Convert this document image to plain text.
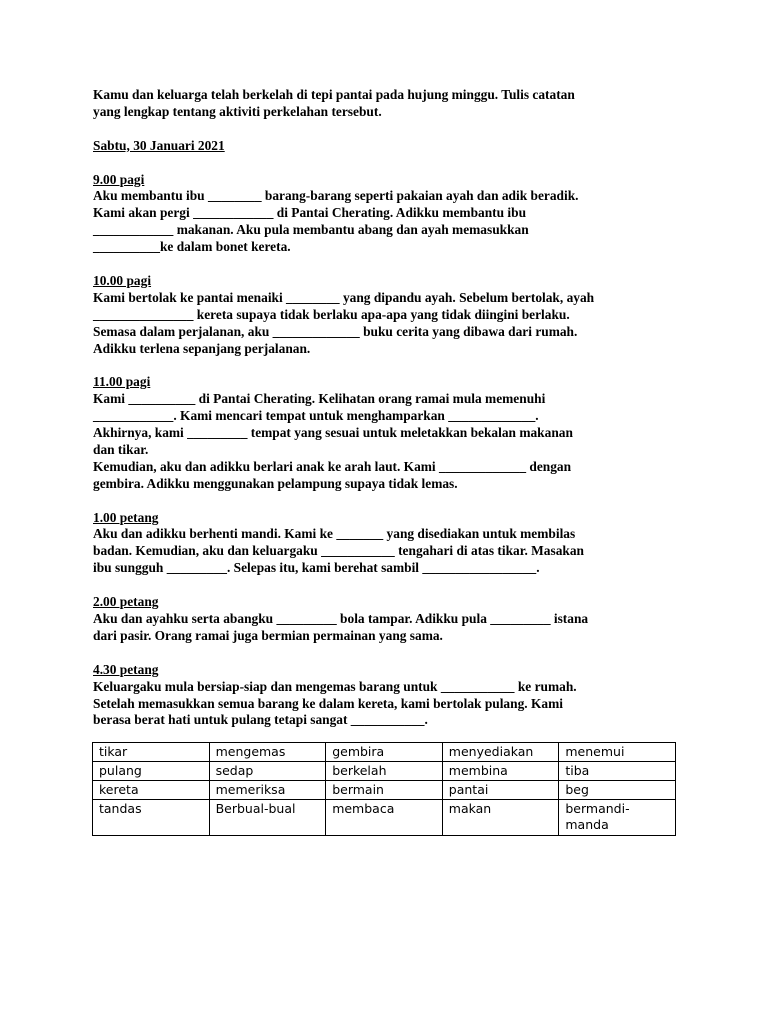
Kamu dan keluarga telah berkelah di tepi pantai pada hujung minggu. Tulis catatan

yang lengkap tentang aktiviti perkelahan tersebut.

Sabtu, 30 Januari 2021

9.00 pagi

Aku membantu ibu ________ barang-barang seperti pakaian ayah dan adik beradik.

Kami akan pergi ____________ di Pantai Cherating. Adikku membantu ibu

____________ makanan. Aku pula membantu abang dan ayah memasukkan

__________ke dalam bonet kereta.

10.00 pagi

Kami bertolak ke pantai menaiki ________ yang dipandu ayah. Sebelum bertolak, ayah

_______________ kereta supaya tidak berlaku apa-apa yang tidak diingini berlaku.

Semasa dalam perjalanan, aku _____________ buku cerita yang dibawa dari rumah.

Adikku terlena sepanjang perjalanan.

11.00 pagi

Kami __________ di Pantai Cherating. Kelihatan orang ramai mula memenuhi

____________. Kami mencari tempat untuk menghamparkan _____________.

Akhirnya, kami _________ tempat yang sesuai untuk meletakkan bekalan makanan

dan tikar.

Kemudian, aku dan adikku berlari anak ke arah laut. Kami _____________ dengan

gembira. Adikku menggunakan pelampung supaya tidak lemas.

1.00 petang

Aku dan adikku berhenti mandi. Kami ke _______ yang disediakan untuk membilas

badan. Kemudian, aku dan keluargaku ___________ tengahari di atas tikar. Masakan

ibu sungguh _________. Selepas itu, kami berehat sambil _________________.

2.00 petang

Aku dan ayahku serta abangku _________ bola tampar. Adikku pula _________ istana

dari pasir. Orang ramai juga bermian permainan yang sama.

4.30 petang

Keluargaku mula bersiap-siap dan mengemas barang untuk ___________ ke rumah.

Setelah memasukkan semua barang ke dalam kereta, kami bertolak pulang. Kami

berasa berat hati untuk pulang tetapi sangat ___________.

tikar	mengemas	gembira	menyediakan	menemui
pulang	sedap	berkelah	membina	tiba
kereta	memeriksa	bermain	pantai	beg
tandas	Berbual-bual	membaca	makan	bermandi-manda
